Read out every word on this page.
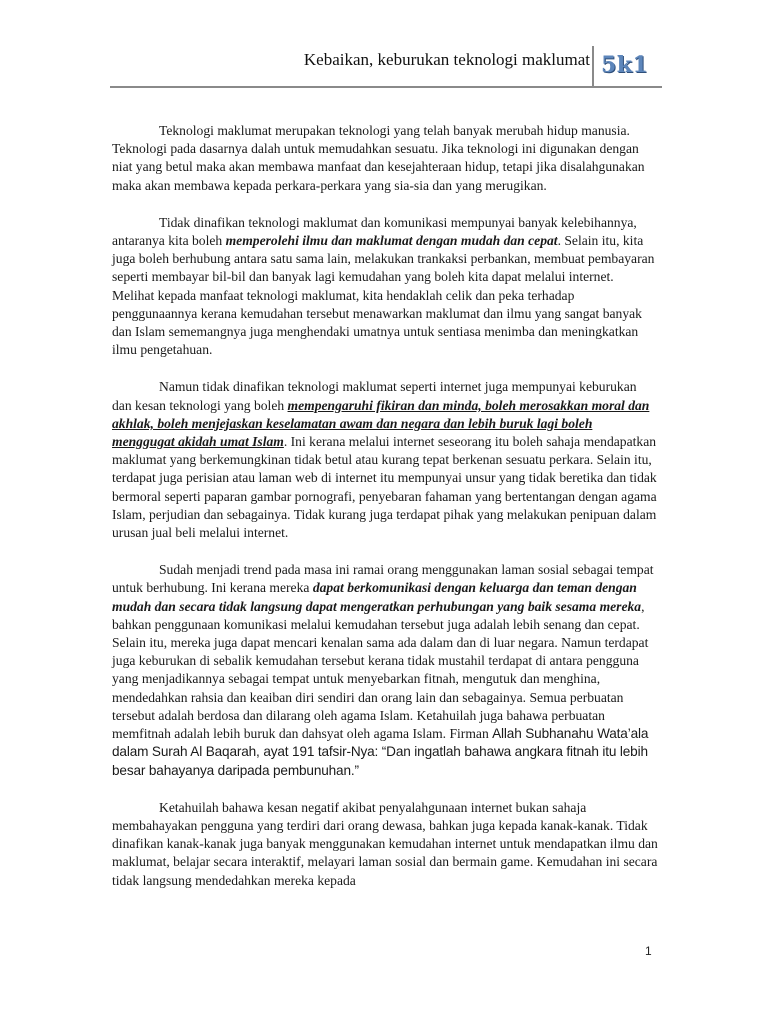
Kebaikan, keburukan teknologi maklumat 5k1

Teknologi maklumat merupakan teknologi yang telah banyak merubah hidup manusia. Teknologi pada dasarnya dalah untuk memudahkan sesuatu. Jika teknologi ini digunakan dengan niat yang betul maka akan membawa manfaat dan kesejahteraan hidup, tetapi jika disalahgunakan maka akan membawa kepada perkara-perkara yang sia-sia dan yang merugikan.

Tidak dinafikan teknologi maklumat dan komunikasi mempunyai banyak kelebihannya, antaranya kita boleh memperolehi ilmu dan maklumat dengan mudah dan cepat. Selain itu, kita juga boleh berhubung antara satu sama lain, melakukan trankaksi perbankan, membuat pembayaran seperti membayar bil-bil dan banyak lagi kemudahan yang boleh kita dapat melalui internet. Melihat kepada manfaat teknologi maklumat, kita hendaklah celik dan peka terhadap penggunaannya kerana kemudahan tersebut menawarkan maklumat dan ilmu yang sangat banyak dan Islam sememangnya juga menghendaki umatnya untuk sentiasa menimba dan meningkatkan ilmu pengetahuan.

Namun tidak dinafikan teknologi maklumat seperti internet juga mempunyai keburukan dan kesan teknologi yang boleh mempengaruhi fikiran dan minda, boleh merosakkan moral dan akhlak, boleh menjejaskan keselamatan awam dan negara dan lebih buruk lagi boleh menggugat akidah umat Islam. Ini kerana melalui internet seseorang itu boleh sahaja mendapatkan maklumat yang berkemungkinan tidak betul atau kurang tepat berkenan sesuatu perkara. Selain itu, terdapat juga perisian atau laman web di internet itu mempunyai unsur yang tidak beretika dan tidak bermoral seperti paparan gambar pornografi, penyebaran fahaman yang bertentangan dengan agama Islam, perjudian dan sebagainya. Tidak kurang juga terdapat pihak yang melakukan penipuan dalam urusan jual beli melalui internet.

Sudah menjadi trend pada masa ini ramai orang menggunakan laman sosial sebagai tempat untuk berhubung. Ini kerana mereka dapat berkomunikasi dengan keluarga dan teman dengan mudah dan secara tidak langsung dapat mengeratkan perhubungan yang baik sesama mereka, bahkan penggunaan komunikasi melalui kemudahan tersebut juga adalah lebih senang dan cepat. Selain itu, mereka juga dapat mencari kenalan sama ada dalam dan di luar negara. Namun terdapat juga keburukan di sebalik kemudahan tersebut kerana tidak mustahil terdapat di antara pengguna yang menjadikannya sebagai tempat untuk menyebarkan fitnah, mengutuk dan menghina, mendedahkan rahsia dan keaiban diri sendiri dan orang lain dan sebagainya. Semua perbuatan tersebut adalah berdosa dan dilarang oleh agama Islam. Ketahuilah juga bahawa perbuatan memfitnah adalah lebih buruk dan dahsyat oleh agama Islam. Firman Allah Subhanahu Wata’ala dalam Surah Al Baqarah, ayat 191 tafsir-Nya: “Dan ingatlah bahawa angkara fitnah itu lebih besar bahayanya daripada pembunuhan.”

Ketahuilah bahawa kesan negatif akibat penyalahgunaan internet bukan sahaja membahayakan pengguna yang terdiri dari orang dewasa, bahkan juga kepada kanak-kanak. Tidak dinafikan kanak-kanak juga banyak menggunakan kemudahan internet untuk mendapatkan ilmu dan maklumat, belajar secara interaktif, melayari laman sosial dan bermain game. Kemudahan ini secara tidak langsung mendedahkan mereka kepada

1
